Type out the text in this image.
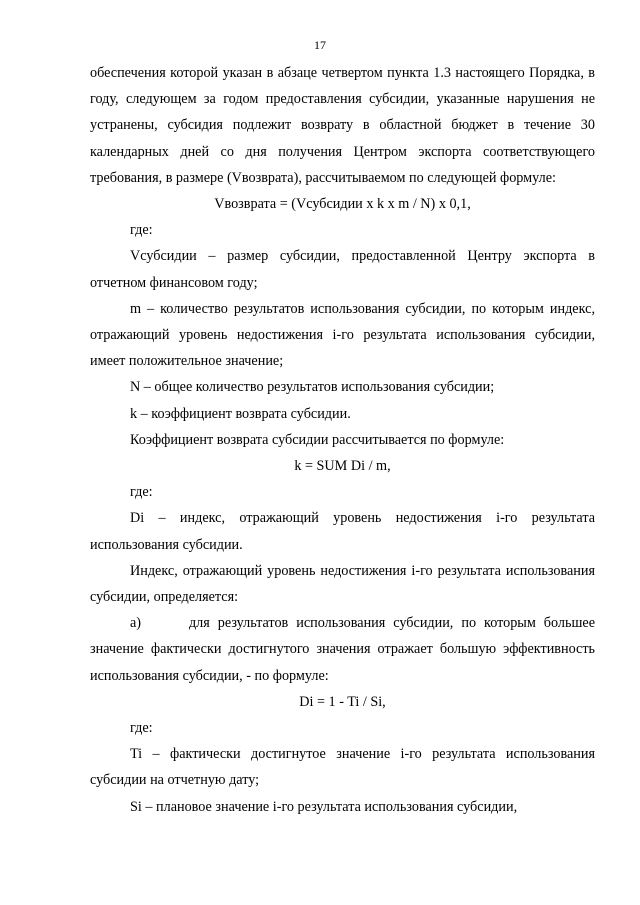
17

обеспечения которой указан в абзаце четвертом пункта 1.3 настоящего Порядка, в году, следующем за годом предоставления субсидии, указанные нарушения не устранены, субсидия подлежит возврату в областной бюджет в течение 30 календарных дней со дня получения Центром экспорта соответствующего требования, в размере (Vвозврата), рассчитываемом по следующей формуле:

Vвозврата = (Vсубсидии x k x m / N) x 0,1,

где:

Vсубсидии – размер субсидии, предоставленной Центру экспорта в отчетном финансовом году;

m – количество результатов использования субсидии, по которым индекс, отражающий уровень недостижения i-го результата использования субсидии, имеет положительное значение;

N – общее количество результатов использования субсидии;

k – коэффициент возврата субсидии.

Коэффициент возврата субсидии рассчитывается по формуле:

k = SUM Di / m,

где:

Di – индекс, отражающий уровень недостижения i-го результата использования субсидии.

Индекс, отражающий уровень недостижения i-го результата использования субсидии, определяется:

а)      для результатов использования субсидии, по которым большее значение фактически достигнутого значения отражает большую эффективность использования субсидии, - по формуле:

Di = 1 - Ti / Si,

где:

Ti – фактически достигнутое значение i-го результата использования субсидии на отчетную дату;

Si – плановое значение i-го результата использования субсидии,
